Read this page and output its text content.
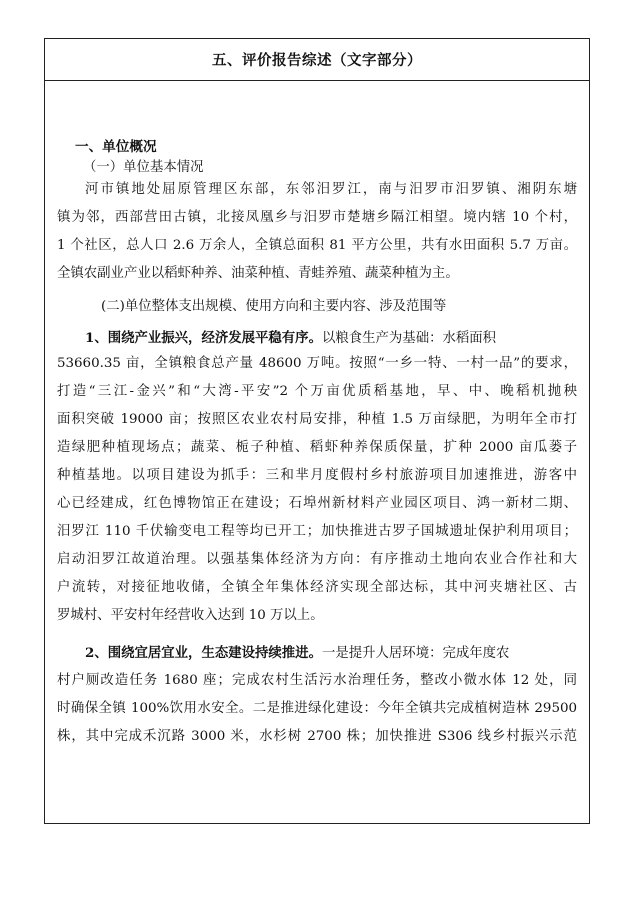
五、评价报告综述（文字部分）
一、单位概况
（一）单位基本情况
河市镇地处屈原管理区东部，东邻汨罗江，南与汨罗市汨罗镇、湘阴东塘
镇为邻，西部营田古镇，北接凤凰乡与汨罗市楚塘乡隔江相望。境内辖 10 个村，
1 个社区，总人口 2.6 万余人，全镇总面积 81 平方公里，共有水田面积 5.7 万亩。
全镇农副业产业以稻虾种养、油菜种植、青蛙养殖、蔬菜种植为主。
(二)单位整体支出规模、使用方向和主要内容、涉及范围等
1、围绕产业振兴，经济发展平稳有序。以粮食生产为基础：水稻面积
53660.35 亩，全镇粮食总产量 48600 万吨。按照“一乡一特、一村一品”的要求，
打造“三江-金兴”和“大湾-平安”2 个万亩优质稻基地，早、中、晚稻机抛秧
面积突破 19000 亩；按照区农业农村局安排，种植 1.5 万亩绿肥，为明年全市打
造绿肥种植现场点；蔬菜、栀子种植、稻虾种养保质保量，扩种 2000 亩瓜蒌子
种植基地。以项目建设为抓手：三和芈月度假村乡村旅游项目加速推进，游客中
心已经建成，红色博物馆正在建设；石埠州新材料产业园区项目、鸿一新材二期、
汨罗江 110 千伏输变电工程等均已开工；加快推进古罗子国城遗址保护利用项目；
启动汨罗江故道治理。以强基集体经济为方向：有序推动土地向农业合作社和大
户流转，对接征地收储，全镇全年集体经济实现全部达标，其中河夹塘社区、古
罗城村、平安村年经营收入达到 10 万以上。
2、围绕宜居宜业，生态建设持续推进。一是提升人居环境：完成年度农
村户厕改造任务 1680 座；完成农村生活污水治理任务，整改小微水体 12 处，同
时确保全镇 100%饮用水安全。二是推进绿化建设：今年全镇共完成植树造林 29500
株，其中完成禾沉路 3000 米，水杉树 2700 株；加快推进 S306 线乡村振兴示范
